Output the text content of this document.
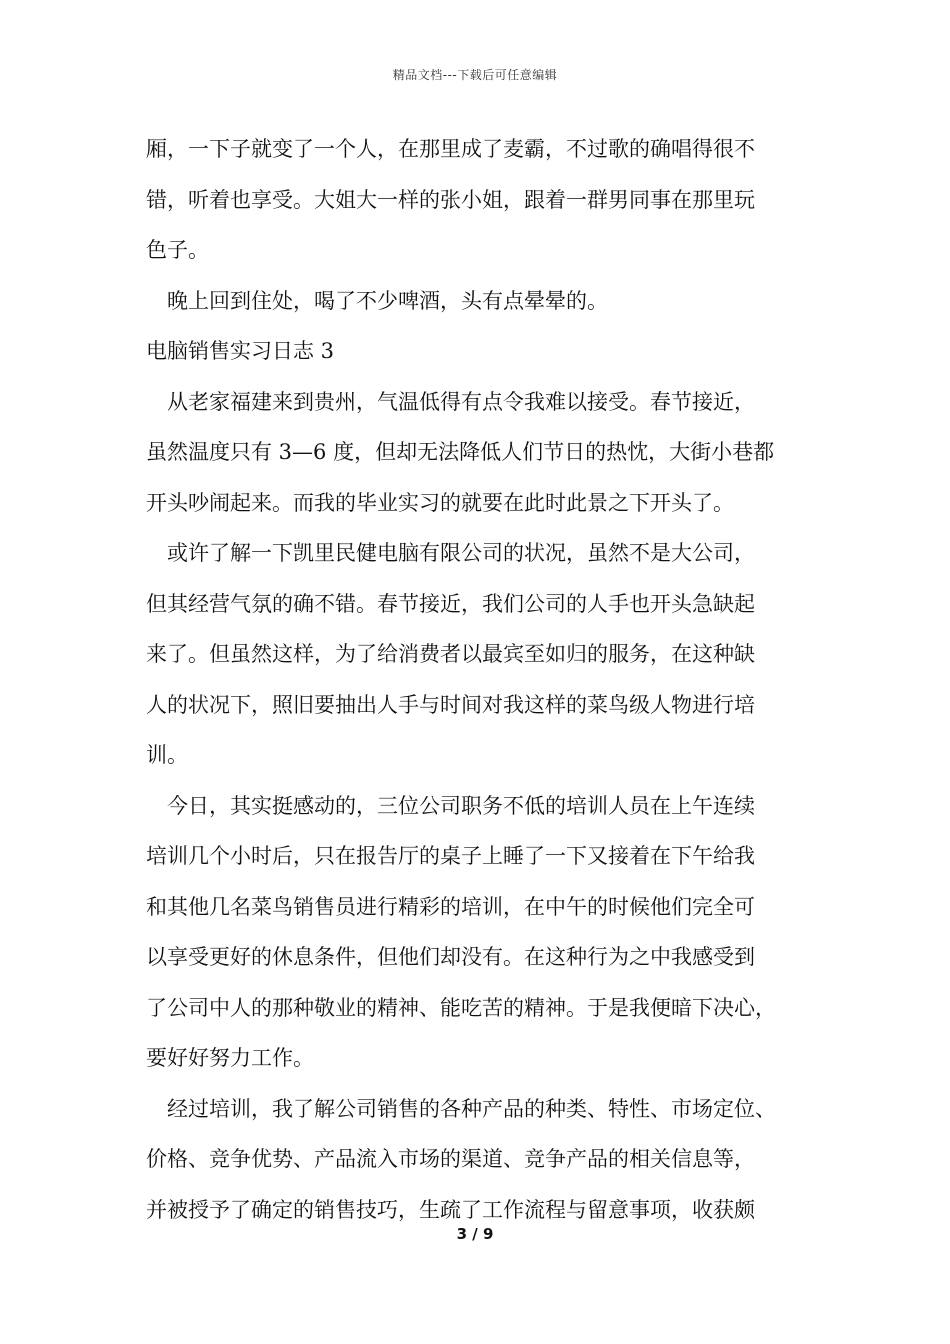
精品文档---下载后可任意编辑
厢，一下子就变了一个人，在那里成了麦霸，不过歌的确唱得很不
错，听着也享受。大姐大一样的张小姐，跟着一群男同事在那里玩
色子。
晚上回到住处，喝了不少啤酒，头有点晕晕的。
电脑销售实习日志 3
从老家福建来到贵州，气温低得有点令我难以接受。春节接近，
虽然温度只有 3—6 度，但却无法降低人们节日的热忱，大街小巷都
开头吵闹起来。而我的毕业实习的就要在此时此景之下开头了。
或许了解一下凯里民健电脑有限公司的状况，虽然不是大公司，
但其经营气氛的确不错。春节接近，我们公司的人手也开头急缺起
来了。但虽然这样，为了给消费者以最宾至如归的服务，在这种缺
人的状况下，照旧要抽出人手与时间对我这样的菜鸟级人物进行培
训。
今日，其实挺感动的，三位公司职务不低的培训人员在上午连续
培训几个小时后，只在报告厅的桌子上睡了一下又接着在下午给我
和其他几名菜鸟销售员进行精彩的培训，在中午的时候他们完全可
以享受更好的休息条件，但他们却没有。在这种行为之中我感受到
了公司中人的那种敬业的精神、能吃苦的精神。于是我便暗下决心，
要好好努力工作。
经过培训，我了解公司销售的各种产品的种类、特性、市场定位、
价格、竞争优势、产品流入市场的渠道、竞争产品的相关信息等，
并被授予了确定的销售技巧，生疏了工作流程与留意事项，收获颇
3 / 9
